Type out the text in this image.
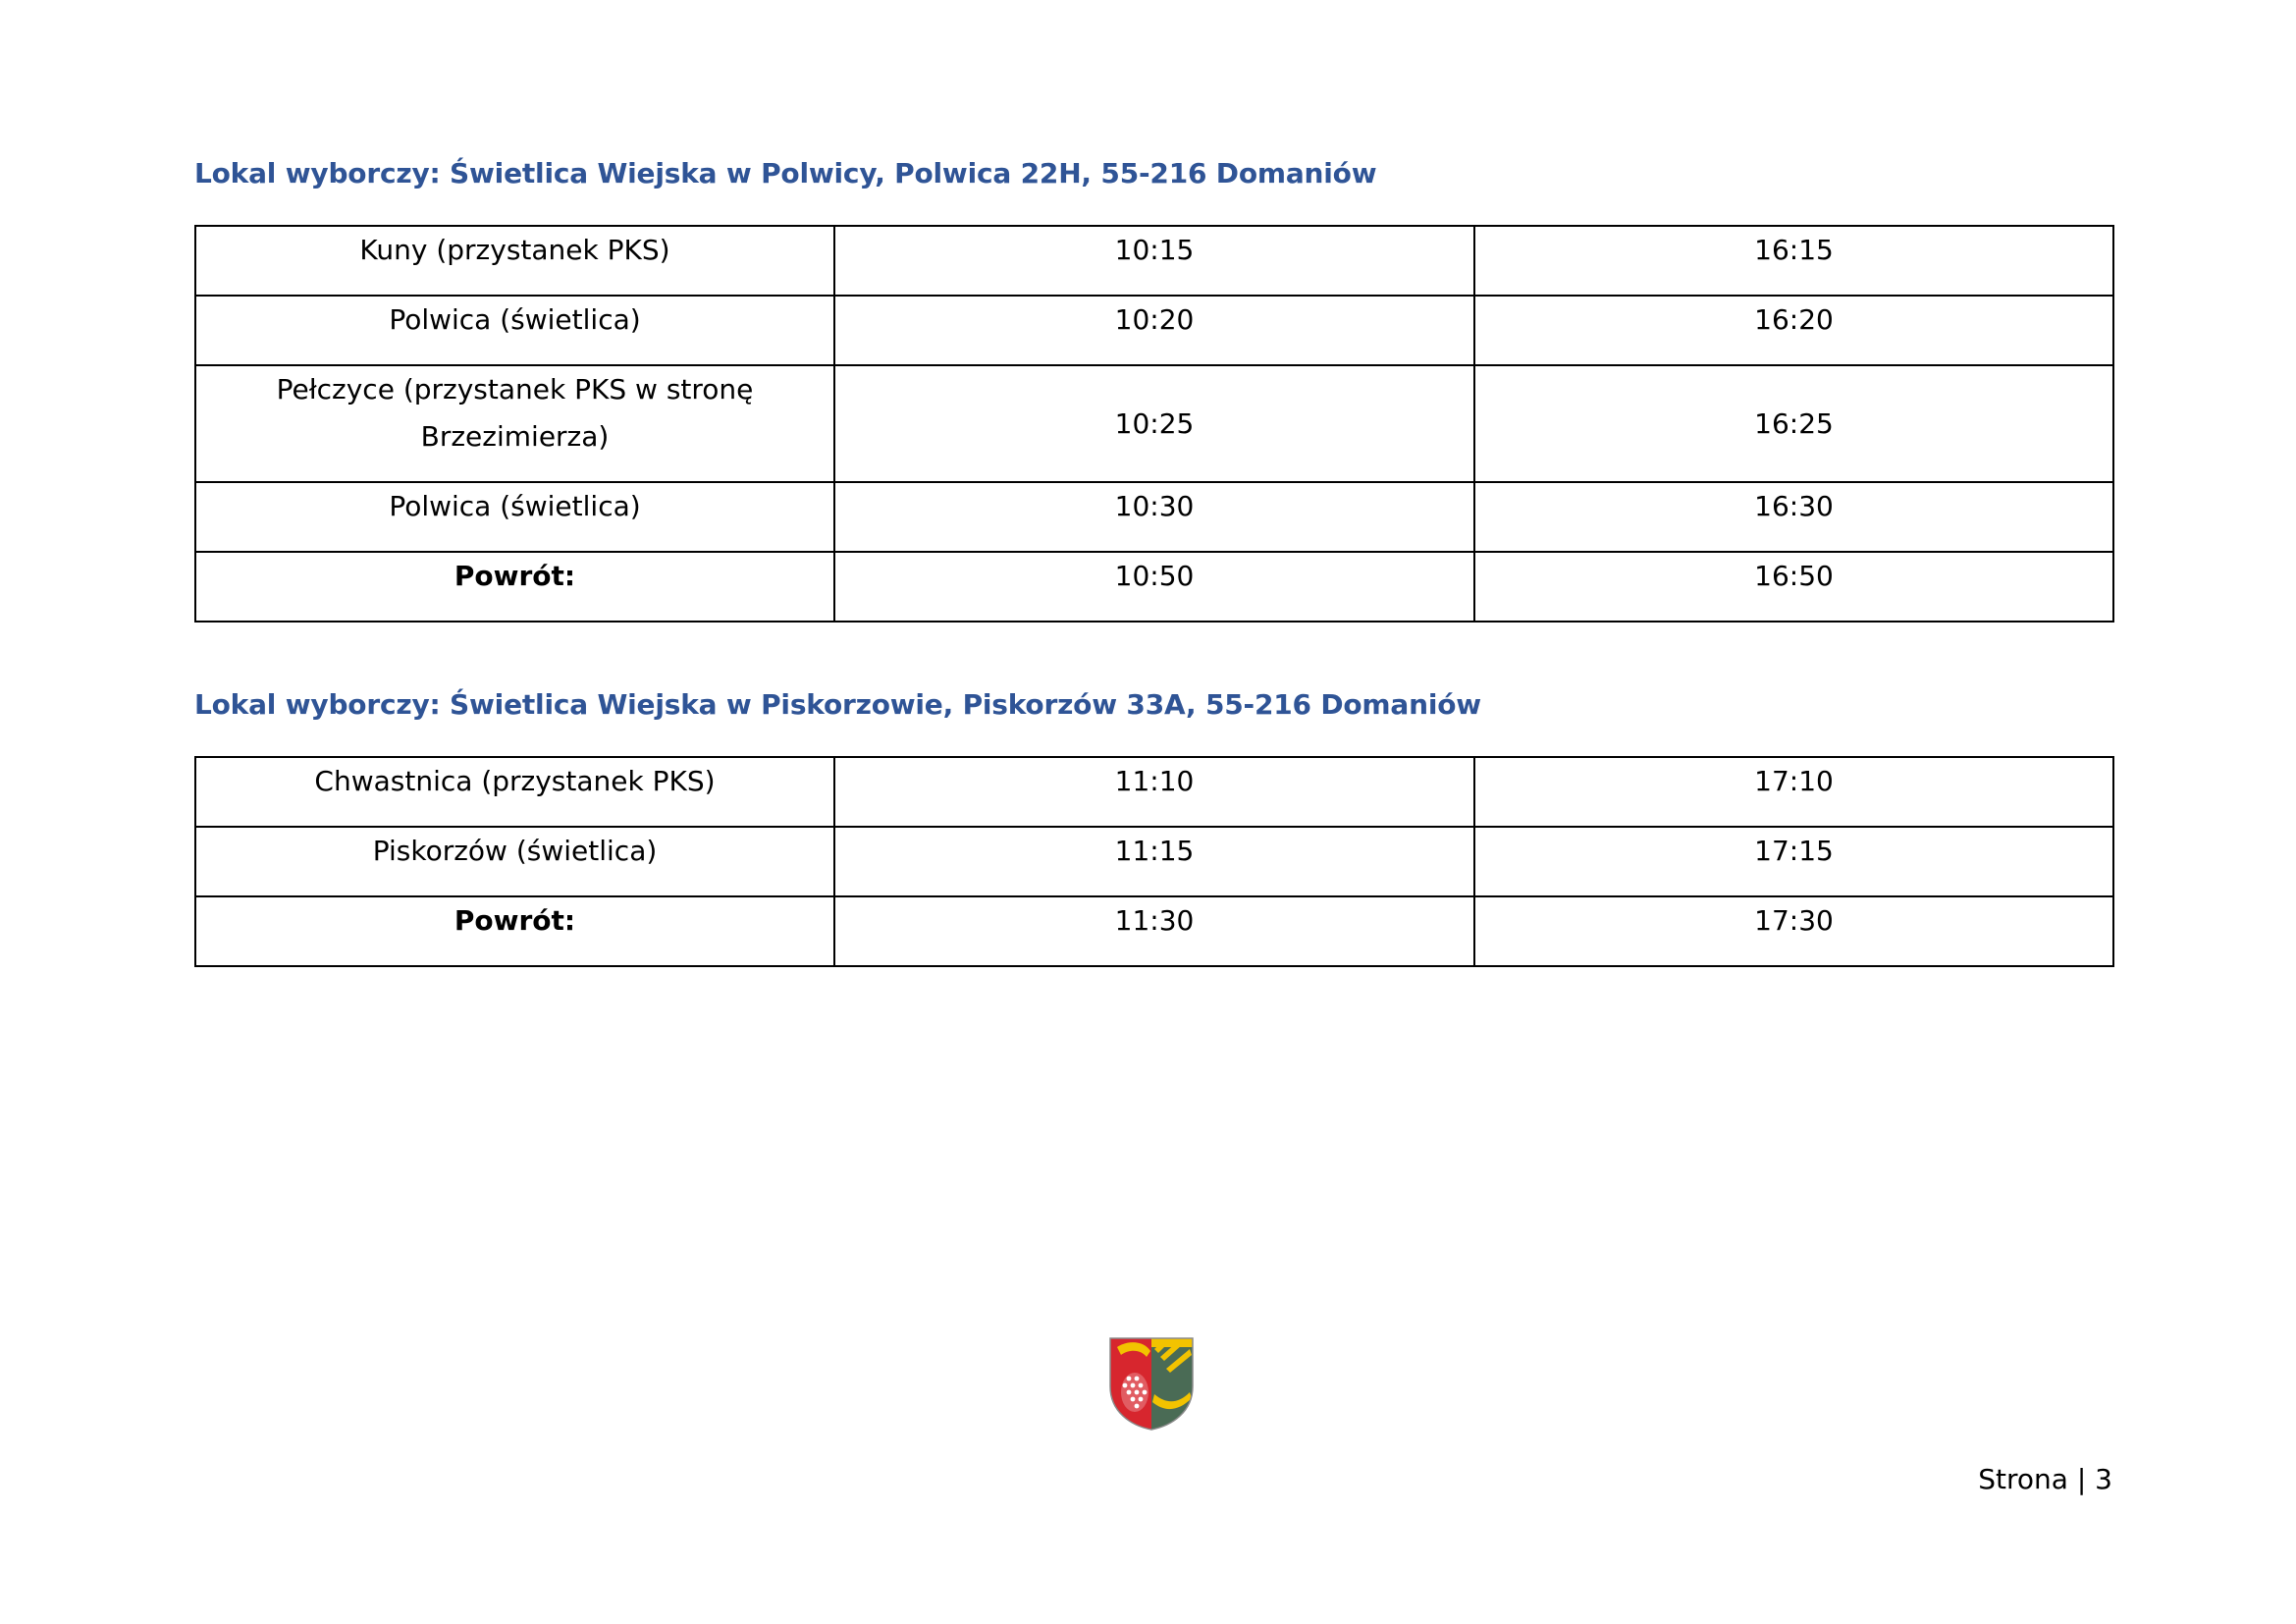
Lokal wyborczy: Świetlica Wiejska w Polwicy, Polwica 22H, 55-216 Domaniów
Kuny (przystanek PKS)	10:15	16:15
Polwica (świetlica)	10:20	16:20
Pełczyce (przystanek PKS w stronę Brzezimierza)	10:25	16:25
Polwica (świetlica)	10:30	16:30
Powrót:	10:50	16:50
Lokal wyborczy: Świetlica Wiejska w Piskorzowie, Piskorzów 33A, 55-216 Domaniów
Chwastnica (przystanek PKS)	11:10	17:10
Piskorzów (świetlica)	11:15	17:15
Powrót:	11:30	17:30
Strona | 3
